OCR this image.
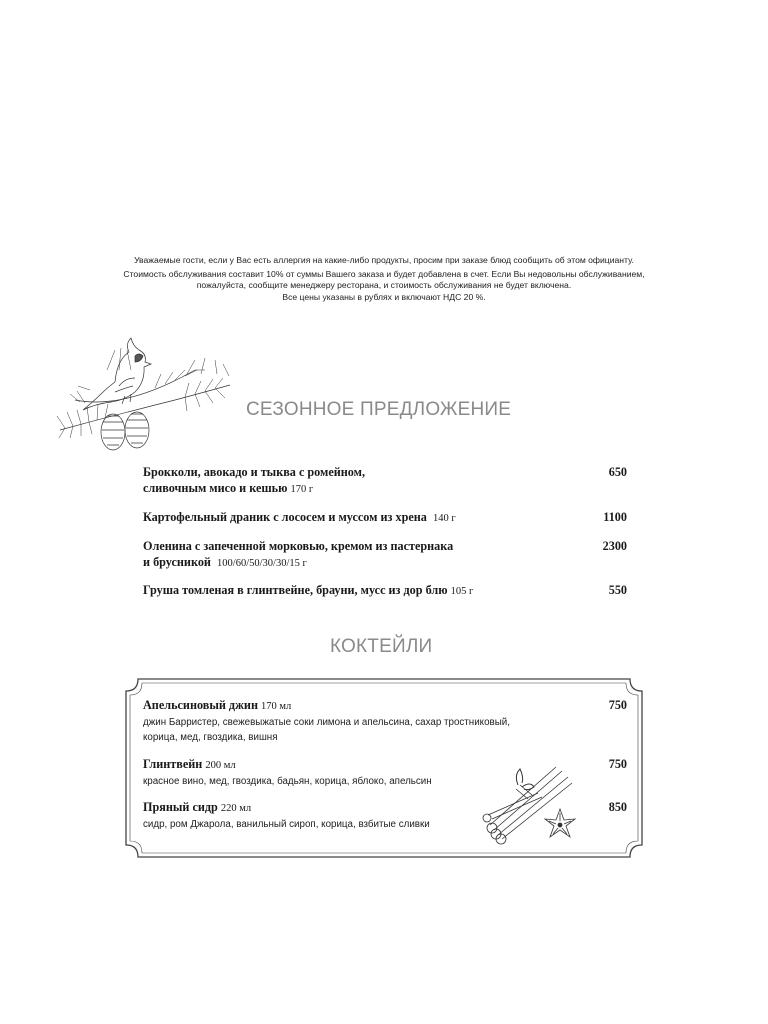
Уважаемые гости, если у Вас есть аллергия на какие-либо продукты, просим при заказе блюд сообщить об этом официанту.
Стоимость обслуживания составит 10% от суммы Вашего заказа и будет добавлена в счет. Если Вы недовольны обслуживанием,
пожалуйста, сообщите менеджеру ресторана, и стоимость обслуживания не будет включена.
Все цены указаны в рублях и включают НДС 20 %.
СЕЗОННОЕ ПРЕДЛОЖЕНИЕ
Брокколи, авокадо и тыква с ромейном,
сливочным мисо и кешью 170 г
650
Картофельный драник с лососем и муссом из хрена 140 г	1100
Оленина с запеченной морковью, кремом из пастернака
и брусникой 100/60/50/30/30/15 г
2300
Груша томленая в глинтвейне, брауни, мусс из дор блю 105 г	550
КОКТЕЙЛИ
Апельсиновый джин 170 мл
джин Барристер, свежевыжатые соки лимона и апельсина, сахар тростниковый,
корица, мед, гвоздика, вишня
750
Глинтвейн 200 мл
красное вино, мед, гвоздика, бадьян, корица, яблоко, апельсин
750
Пряный сидр 220 мл
сидр, ром Джарола, ванильный сироп, корица, взбитые сливки
850
